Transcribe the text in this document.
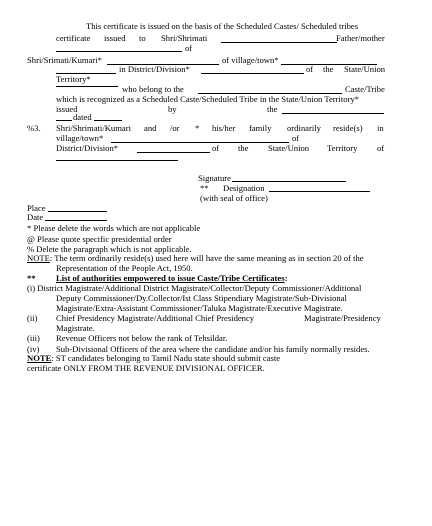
This certificate is issued on the basis of the Scheduled Castes/ Scheduled tribes
certificate issued to Shri/Shrimati	Father/mother
of
Shri/Srimati/Kumari*	of village/town*
in District/Division*	of the State/Union
Territory*
who belong to the	Caste/Tribe
which is recognized as a Scheduled Caste/Scheduled Tribe in the State/Union Territory*
issued	by	the
dated
%3. Shri/Shrimati/Kumari and /or * his/her family ordinarily reside(s) in
village/town*	of
District/Division*	of the State/Union Territory of
Signature
** Designation
(with seal of office)
Place
Date
* Please delete the words which are not applicable
@ Please quote specific presidential order
% Delete the paragraph which is not applicable.
NOTE: The term ordinarily reside(s) used here will have the same meaning as in section 20 of the
Representation of the People Act, 1950.
** List of authorities empowered to issue Caste/Tribe Certificates:
(i) District Magistrate/Additional District Magistrate/Collector/Deputy Commissioner/Additional
Deputy Commissioner/Dy.Collector/Ist Class Stipendiary Magistrate/Sub-Divisional
Magistrate/Extra-Assistant Commissioner/Taluka Magistrate/Executive Magistrate.
(ii) Chief Presidency Magistrate/Additional Chief Presidency	Magistrate/Presidency
Magistrate.
(iii) Revenue Officers not below the rank of Tehsildar.
(iv) Sub-Divisional Officers of the area where the candidate and/or his family normally resides.
NOTE: ST candidates belonging to Tamil Nadu state should submit caste
certificate ONLY FROM THE REVENUE DIVISIONAL OFFICER.
